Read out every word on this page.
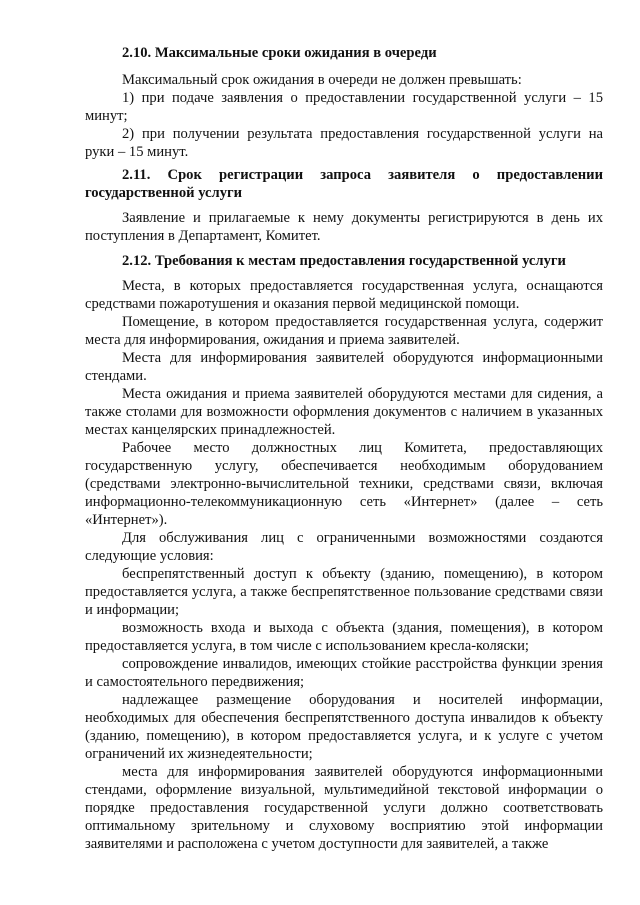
2.10. Максимальные сроки ожидания в очереди

Максимальный срок ожидания в очереди не должен превышать:

1) при подаче заявления о предоставлении государственной услуги – 15 минут;

2) при получении результата предоставления государственной услуги на руки – 15 минут.

2.11. Срок регистрации запроса заявителя о предоставлении государственной услуги

Заявление и прилагаемые к нему документы регистрируются в день их поступления в Департамент, Комитет.

2.12. Требования к местам предоставления государственной услуги

Места, в которых предоставляется государственная услуга, оснащаются средствами пожаротушения и оказания первой медицинской помощи.

Помещение, в котором предоставляется государственная услуга, содержит места для информирования, ожидания и приема заявителей.

Места для информирования заявителей оборудуются информационными стендами.

Места ожидания и приема заявителей оборудуются местами для сидения, а также столами для возможности оформления документов с наличием в указанных местах канцелярских принадлежностей.

Рабочее место должностных лиц Комитета, предоставляющих государственную услугу, обеспечивается необходимым оборудованием (средствами электронно-вычислительной техники, средствами связи, включая информационно-телекоммуникационную сеть «Интернет» (далее – сеть «Интернет»).

Для обслуживания лиц с ограниченными возможностями создаются следующие условия:

беспрепятственный доступ к объекту (зданию, помещению), в котором предоставляется услуга, а также беспрепятственное пользование средствами связи и информации;

возможность входа и выхода с объекта (здания, помещения), в котором предоставляется услуга, в том числе с использованием кресла-коляски;

сопровождение инвалидов, имеющих стойкие расстройства функции зрения и самостоятельного передвижения;

надлежащее размещение оборудования и носителей информации, необходимых для обеспечения беспрепятственного доступа инвалидов к объекту (зданию, помещению), в котором предоставляется услуга, и к услуге с учетом ограничений их жизнедеятельности;

места для информирования заявителей оборудуются информационными стендами, оформление визуальной, мультимедийной текстовой информации о порядке предоставления государственной услуги должно соответствовать оптимальному зрительному и слуховому восприятию этой информации заявителями и расположена с учетом доступности для заявителей, а также
